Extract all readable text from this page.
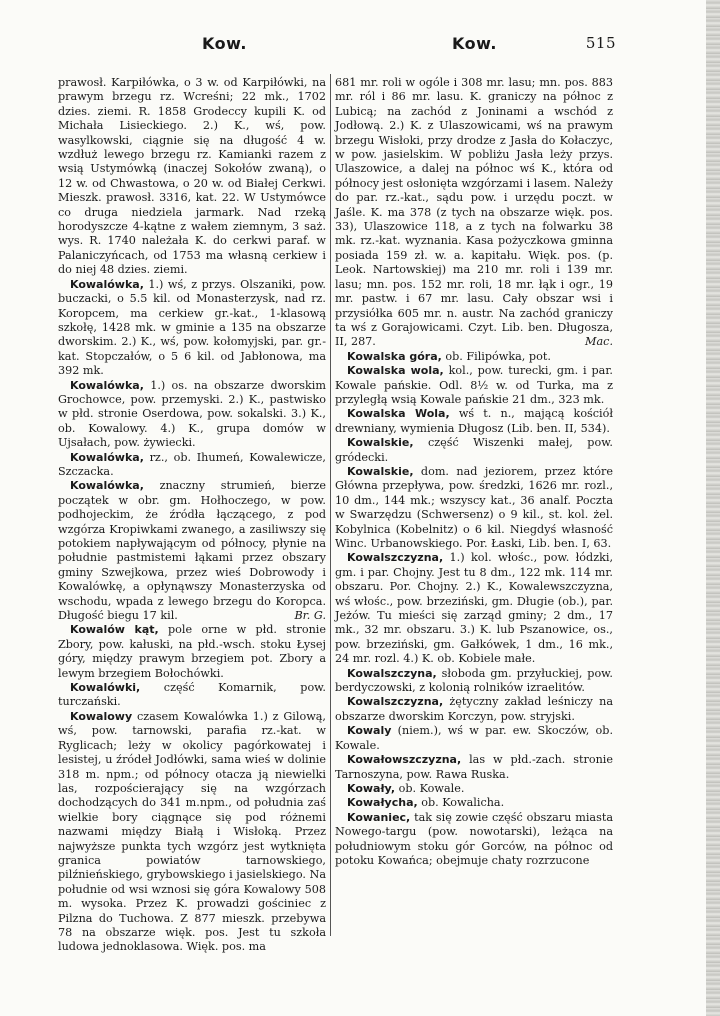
Kow.	Kow.	515

prawosł. Karpiłówka, o 3 w. od Karpiłówki, na prawym brzegu rz. Wcreśni; 22 mk., 1702 dzies. ziemi. R. 1858 Grodeccy kupili K. od Michała Lisieckiego. 2.) K., wś, pow. wasylkowski, ciągnie się na długość 4 w. wzdłuż lewego brzegu rz. Kamianki razem z wsią Ustymówką (inaczej Sokołów zwaną), o 12 w. od Chwastowa, o 20 w. od Białej Cerkwi. Mieszk. prawosł. 3316, kat. 22. W Ustymówce co druga niedziela jarmark. Nad rzeką horodyszcze 4-kątne z wałem ziemnym, 3 saż. wys. R. 1740 należała K. do cerkwi paraf. w Palaniczyńcach, od 1753 ma własną cerkiew i do niej 48 dzies. ziemi.

Kowalówka, 1.) wś, z przys. Olszaniki, pow. buczacki, o 5.5 kil. od Monasterzysk, nad rz. Koropcem, ma cerkiew gr.-kat., 1-klasową szkołę, 1428 mk. w gminie a 135 na obszarze dworskim. 2.) K., wś, pow. kołomyjski, par. gr.-kat. Stopczałów, o 5 6 kil. od Jabłonowa, ma 392 mk.

Kowalówka, 1.) os. na obszarze dworskim Grochowce, pow. przemyski. 2.) K., pastwisko w płd. stronie Oserdowa, pow. sokalski. 3.) K., ob. Kowalowy. 4.) K., grupa domów w Ujsałach, pow. żywiecki.

Kowalówka, rz., ob. Ihumeń, Kowalewicze, Szczacka.

Kowalówka, znaczny strumień, bierze początek w obr. gm. Hołhoczego, w pow. podhojeckim, że źródła łączącego, z pod wzgórza Kropiwkami zwanego, a zasiliwszy się potokiem napływającym od północy, płynie na południe pastmistemi łąkami przez obszary gminy Szwejkowa, przez wieś Dobrowody i Kowalówkę, a opłynąwszy Monasterzyska od wschodu, wpada z lewego brzegu do Koropca. Długość biegu 17 kil.	Br. G.

Kowalów kąt, pole orne w płd. stronie Zbory, pow. kałuski, na płd.-wsch. stoku Łysej góry, między prawym brzegiem pot. Zbory a lewym brzegiem Bołochówki.

Kowalówki, część Komarnik, pow. turczański.

Kowalowy czasem Kowalówka 1.) z Gilową, wś, pow. tarnowski, parafia rz.-kat. w Ryglicach; leży w okolicy pagórkowatej i lesistej, u źródeł Jodłówki, sama wieś w dolinie 318 m. npm.; od północy otacza ją niewielki las, rozpościerający się na wzgórzach dochodzących do 341 m.npm., od południa zaś wielkie bory ciągnące się pod różnemi nazwami między Białą i Wisłoką. Przez najwyższe punkta tych wzgórz jest wytknięta granica powiatów tarnowskiego, pilźnieńskiego, grybowskiego i jasielskiego. Na południe od wsi wznosi się góra Kowalowy 508 m. wysoka. Przez K. prowadzi gościniec z Pilzna do Tuchowa. Z 877 mieszk. przebywa 78 na obszarze więk. pos. Jest tu szkoła ludowa jednoklasowa. Więk. pos. ma

681 mr. roli w ogóle i 308 mr. lasu; mn. pos. 883 mr. ról i 86 mr. lasu. K. graniczy na północ z Lubicą; na zachód z Joninami a wschód z Jodłową. 2.) K. z Ulaszowicami, wś na prawym brzegu Wisłoki, przy drodze z Jasła do Kołaczyc, w pow. jasielskim. W pobliżu Jasła leży przys. Ulaszowice, a dalej na północ wś K., która od północy jest osłonięta wzgórzami i lasem. Należy do par. rz.-kat., sądu pow. i urzędu poczt. w Jaśle. K. ma 378 (z tych na obszarze więk. pos. 33), Ulaszowice 118, a z tych na folwarku 38 mk. rz.-kat. wyznania. Kasa pożyczkowa gminna posiada 159 zł. w. a. kapitału. Więk. pos. (p. Leok. Nartowskiej) ma 210 mr. roli i 139 mr. lasu; mn. pos. 152 mr. roli, 18 mr. łąk i ogr., 19 mr. pastw. i 67 mr. lasu. Cały obszar wsi i przysiółka 605 mr. n. austr. Na zachód graniczy ta wś z Gorajowicami. Czyt. Lib. ben. Długosza, II, 287.	Mac.

Kowalska góra, ob. Filipówka, pot.

Kowalska wola, kol., pow. turecki, gm. i par. Kowale pańskie. Odl. 8½ w. od Turka, ma z przyległą wsią Kowale pańskie 21 dm., 323 mk.

Kowalska Wola, wś t. n., mającą kościół drewniany, wymienia Długosz (Lib. ben. II, 534).

Kowalskie, część Wiszenki małej, pow. gródecki.

Kowalskie, dom. nad jeziorem, przez które Główna przepływa, pow. średzki, 1626 mr. rozl., 10 dm., 144 mk.; wszyscy kat., 36 analf. Poczta w Swarzędzu (Schwersenz) o 9 kil., st. kol. żel. Kobylnica (Kobelnitz) o 6 kil. Niegdyś własność Winc. Urbanowskiego. Por. Łaski, Lib. ben. I, 63.

Kowalszczyzna, 1.) kol. włośc., pow. łódzki, gm. i par. Chojny. Jest tu 8 dm., 122 mk. 114 mr. obszaru. Por. Chojny. 2.) K., Kowalewszczyzna, wś włośc., pow. brzeziński, gm. Długie (ob.), par. Jeżów. Tu mieści się zarząd gminy; 2 dm., 17 mk., 32 mr. obszaru. 3.) K. lub Pszanowice, os., pow. brzeziński, gm. Gałkówek, 1 dm., 16 mk., 24 mr. rozl. 4.) K. ob. Kobiele małe.

Kowalszczyna, słoboda gm. przyłuckiej, pow. berdyczowski, z kolonią rolników izraelitów.

Kowalszczyzna, żętyczny zakład leśniczy na obszarze dworskim Korczyn, pow. stryjski.

Kowaly (niem.), wś w par. ew. Skoczów, ob. Kowale.

Kowałowszczyzna, las w płd.-zach. stronie Tarnoszyna, pow. Rawa Ruska.

Kowały, ob. Kowale.

Kowałycha, ob. Kowalicha.

Kowaniec, tak się zowie część obszaru miasta Nowego-targu (pow. nowotarski), leżąca na południowym stoku gór Gorców, na północ od potoku Kowańca; obejmuje chaty rozrzucone
